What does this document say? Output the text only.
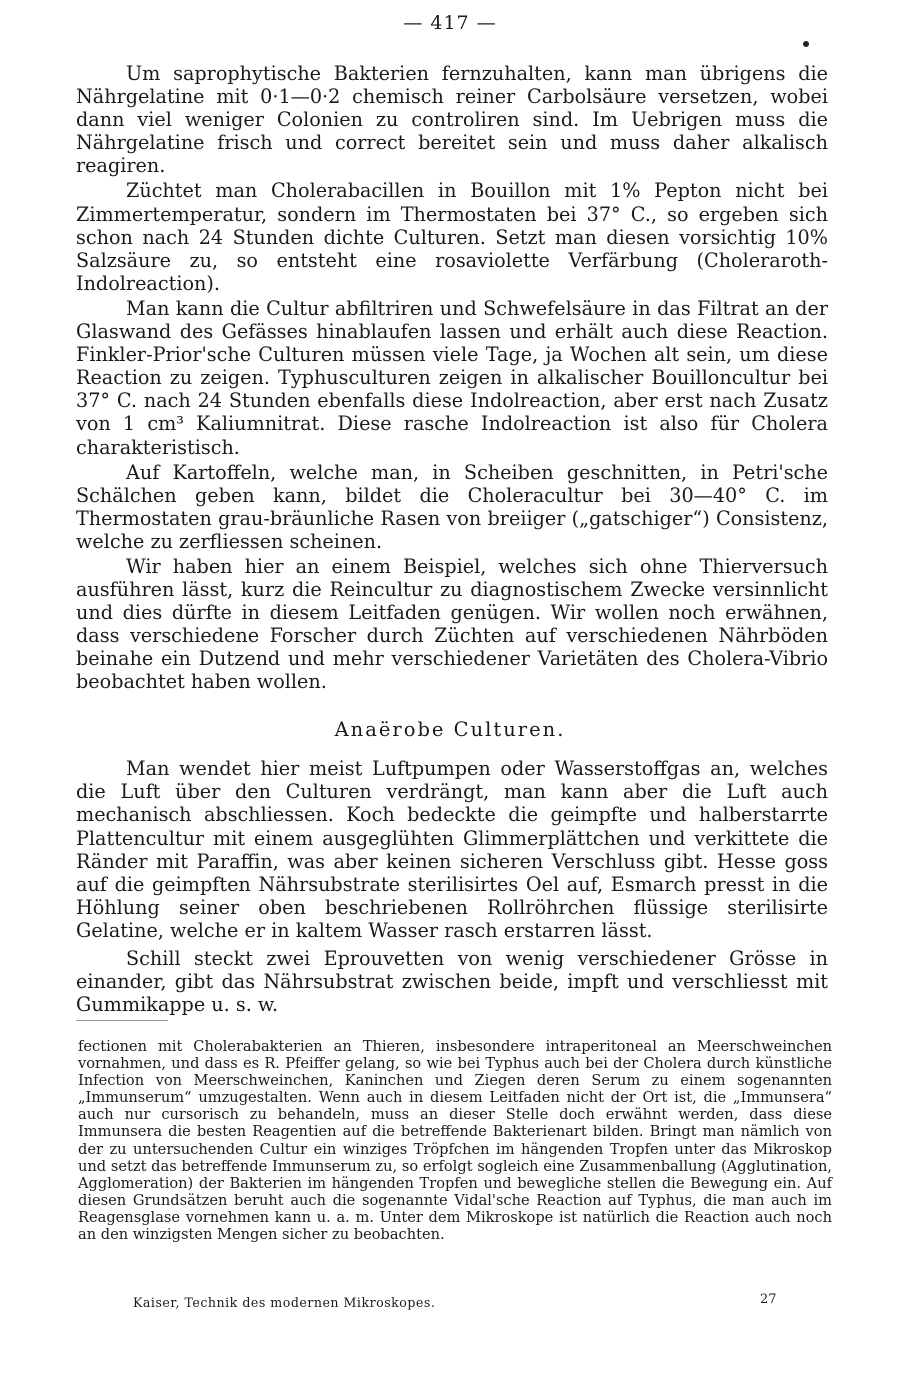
— 417 —

Um saprophytische Bakterien fernzuhalten, kann man übrigens die Nährgelatine mit 0·1—0·2 chemisch reiner Carbolsäure versetzen, wobei dann viel weniger Colonien zu controliren sind. Im Uebrigen muss die Nährgelatine frisch und correct bereitet sein und muss daher alkalisch reagiren.

Züchtet man Cholerabacillen in Bouillon mit 1% Pepton nicht bei Zimmertemperatur, sondern im Thermostaten bei 37° C., so ergeben sich schon nach 24 Stunden dichte Culturen. Setzt man diesen vorsichtig 10% Salzsäure zu, so entsteht eine rosaviolette Verfärbung (Choleraroth-Indolreaction).

Man kann die Cultur abfiltriren und Schwefelsäure in das Filtrat an der Glaswand des Gefässes hinablaufen lassen und erhält auch diese Reaction. Finkler-Prior'sche Culturen müssen viele Tage, ja Wochen alt sein, um diese Reaction zu zeigen. Typhusculturen zeigen in alkalischer Bouilloncultur bei 37° C. nach 24 Stunden ebenfalls diese Indolreaction, aber erst nach Zusatz von 1 cm³ Kaliumnitrat. Diese rasche Indolreaction ist also für Cholera charakteristisch.

Auf Kartoffeln, welche man, in Scheiben geschnitten, in Petri'sche Schälchen geben kann, bildet die Choleracultur bei 30—40° C. im Thermostaten grau-bräunliche Rasen von breiiger („gatschiger“) Consistenz, welche zu zerfliessen scheinen.

Wir haben hier an einem Beispiel, welches sich ohne Thierversuch ausführen lässt, kurz die Reincultur zu diagnostischem Zwecke versinnlicht und dies dürfte in diesem Leitfaden genügen. Wir wollen noch erwähnen, dass verschiedene Forscher durch Züchten auf verschiedenen Nährböden beinahe ein Dutzend und mehr verschiedener Varietäten des Cholera-Vibrio beobachtet haben wollen.

Anaërobe Culturen.

Man wendet hier meist Luftpumpen oder Wasserstoffgas an, welches die Luft über den Culturen verdrängt, man kann aber die Luft auch mechanisch abschliessen. Koch bedeckte die geimpfte und halberstarrte Plattencultur mit einem ausgeglühten Glimmerplättchen und verkittete die Ränder mit Paraffin, was aber keinen sicheren Verschluss gibt. Hesse goss auf die geimpften Nährsubstrate sterilisirtes Oel auf, Esmarch presst in die Höhlung seiner oben beschriebenen Rollröhrchen flüssige sterilisirte Gelatine, welche er in kaltem Wasser rasch erstarren lässt.

Schill steckt zwei Eprouvetten von wenig verschiedener Grösse in einander, gibt das Nährsubstrat zwischen beide, impft und verschliesst mit Gummikappe u. s. w.

fectionen mit Cholerabakterien an Thieren, insbesondere intraperitoneal an Meerschweinchen vornahmen, und dass es R. Pfeiffer gelang, so wie bei Typhus auch bei der Cholera durch künstliche Infection von Meerschweinchen, Kaninchen und Ziegen deren Serum zu einem sogenannten „Immunserum“ umzugestalten. Wenn auch in diesem Leitfaden nicht der Ort ist, die „Immunsera“ auch nur cursorisch zu behandeln, muss an dieser Stelle doch erwähnt werden, dass diese Immunsera die besten Reagentien auf die betreffende Bakterienart bilden. Bringt man nämlich von der zu untersuchenden Cultur ein winziges Tröpfchen im hängenden Tropfen unter das Mikroskop und setzt das betreffende Immunserum zu, so erfolgt sogleich eine Zusammenballung (Agglutination, Agglomeration) der Bakterien im hängenden Tropfen und bewegliche stellen die Bewegung ein. Auf diesen Grundsätzen beruht auch die sogenannte Vidal'sche Reaction auf Typhus, die man auch im Reagensglase vornehmen kann u. a. m. Unter dem Mikroskope ist natürlich die Reaction auch noch an den winzigsten Mengen sicher zu beobachten.

Kaiser, Technik des modernen Mikroskopes.	27
